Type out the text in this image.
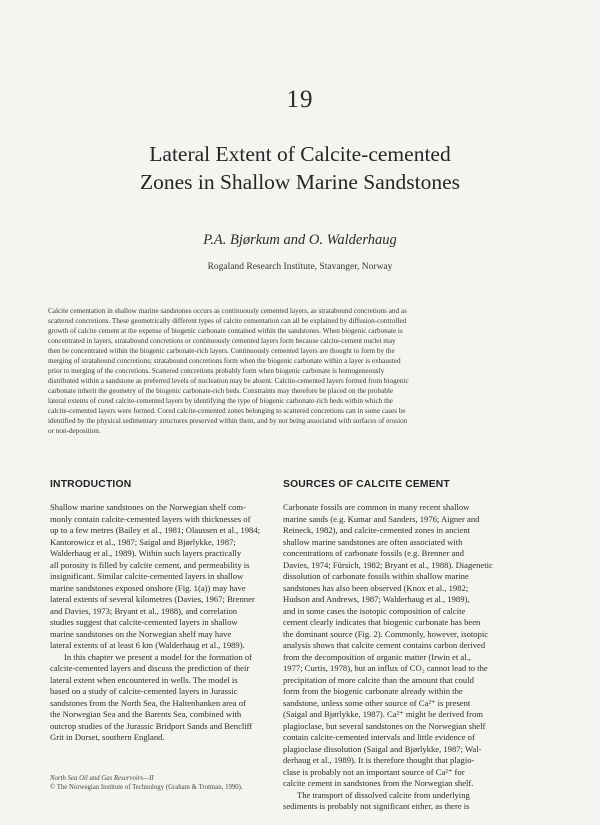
19
Lateral Extent of Calcite-cemented
Zones in Shallow Marine Sandstones
P.A. Bjørkum and O. Walderhaug
Rogaland Research Institute, Stavanger, Norway
Calcite cementation in shallow marine sandstones occurs as continuously cemented layers, as stratabound concretions and as
scattered concretions. These geometrically different types of calcite cementation can all be explained by diffusion-controlled
growth of calcite cement at the expense of biogenic carbonate contained within the sandstones. When biogenic carbonate is
concentrated in layers, stratabound concretions or continuously cemented layers form because calcite-cement nuclei may
then be concentrated within the biogenic carbonate-rich layers. Continuously cemented layers are thought to form by the
merging of stratabound concretions; stratabound concretions form when the biogenic carbonate within a layer is exhausted
prior to merging of the concretions. Scattered concretions probably form when biogenic carbonate is homogeneously
distributed within a sandstone as preferred levels of nucleation may be absent. Calcite-cemented layers formed from biogenic
carbonate inherit the geometry of the biogenic carbonate-rich beds. Constraints may therefore be placed on the probable
lateral extents of cored calcite-cemented layers by identifying the type of biogenic carbonate-rich beds within which the
calcite-cemented layers were formed. Cored calcite-cemented zones belonging to scattered concretions can in some cases be
identified by the physical sedimentary structures preserved within them, and by not being associated with surfaces of erosion
or non-deposition.
INTRODUCTION
Shallow marine sandstones on the Norwegian shelf com-
monly contain calcite-cemented layers with thicknesses of
up to a few metres (Bailey et al., 1981; Olaussen et al., 1984;
Kantorowicz et al., 1987; Saigal and Bjørlykke, 1987;
Walderhaug et al., 1989). Within such layers practically
all porosity is filled by calcite cement, and permeability is
insignificant. Similar calcite-cemented layers in shallow
marine sandstones exposed onshore (Fig. 1(a)) may have
lateral extents of several kilometres (Davies, 1967; Brenner
and Davies, 1973; Bryant et al., 1988), and correlation
studies suggest that calcite-cemented layers in shallow
marine sandstones on the Norwegian shelf may have
lateral extents of at least 6 km (Walderhaug et al., 1989).
In this chapter we present a model for the formation of
calcite-cemented layers and discuss the prediction of their
lateral extent when encountered in wells. The model is
based on a study of calcite-cemented layers in Jurassic
sandstones from the North Sea, the Haltenbanken area of
the Norwegian Sea and the Barents Sea, combined with
outcrop studies of the Jurassic Bridport Sands and Bencliff
Grit in Dorset, southern England.
SOURCES OF CALCITE CEMENT
Carbonate fossils are common in many recent shallow
marine sands (e.g. Kumar and Sanders, 1976; Aigner and
Reineck, 1982), and calcite-cemented zones in ancient
shallow marine sandstones are often associated with
concentrations of carbonate fossils (e.g. Brenner and
Davies, 1974; Fürsich, 1982; Bryant et al., 1988). Diagenetic
dissolution of carbonate fossils within shallow marine
sandstones has also been observed (Knox et al., 1982;
Hudson and Andrews, 1987; Walderhaug et al., 1989),
and in some cases the isotopic composition of calcite
cement clearly indicates that biogenic carbonate has been
the dominant source (Fig. 2). Commonly, however, isotopic
analysis shows that calcite cement contains carbon derived
from the decomposition of organic matter (Irwin et al.,
1977; Curtis, 1978), but an influx of CO₂ cannot lead to the
precipitation of more calcite than the amount that could
form from the biogenic carbonate already within the
sandstone, unless some other source of Ca²⁺ is present
(Saigal and Bjørlykke, 1987). Ca²⁺ might be derived from
plagioclase, but several sandstones on the Norwegian shelf
contain calcite-cemented intervals and little evidence of
plagioclase dissolution (Saigal and Bjørlykke, 1987; Wal-
derhaug et al., 1989). It is therefore thought that plagio-
clase is probably not an important source of Ca²⁺ for
calcite cement in sandstones from the Norwegian shelf.
The transport of dissolved calcite from underlying
sediments is probably not significant either, as there is
North Sea Oil and Gas Reservoirs—II
© The Norwegian Institute of Technology (Graham & Trotman, 1990).
